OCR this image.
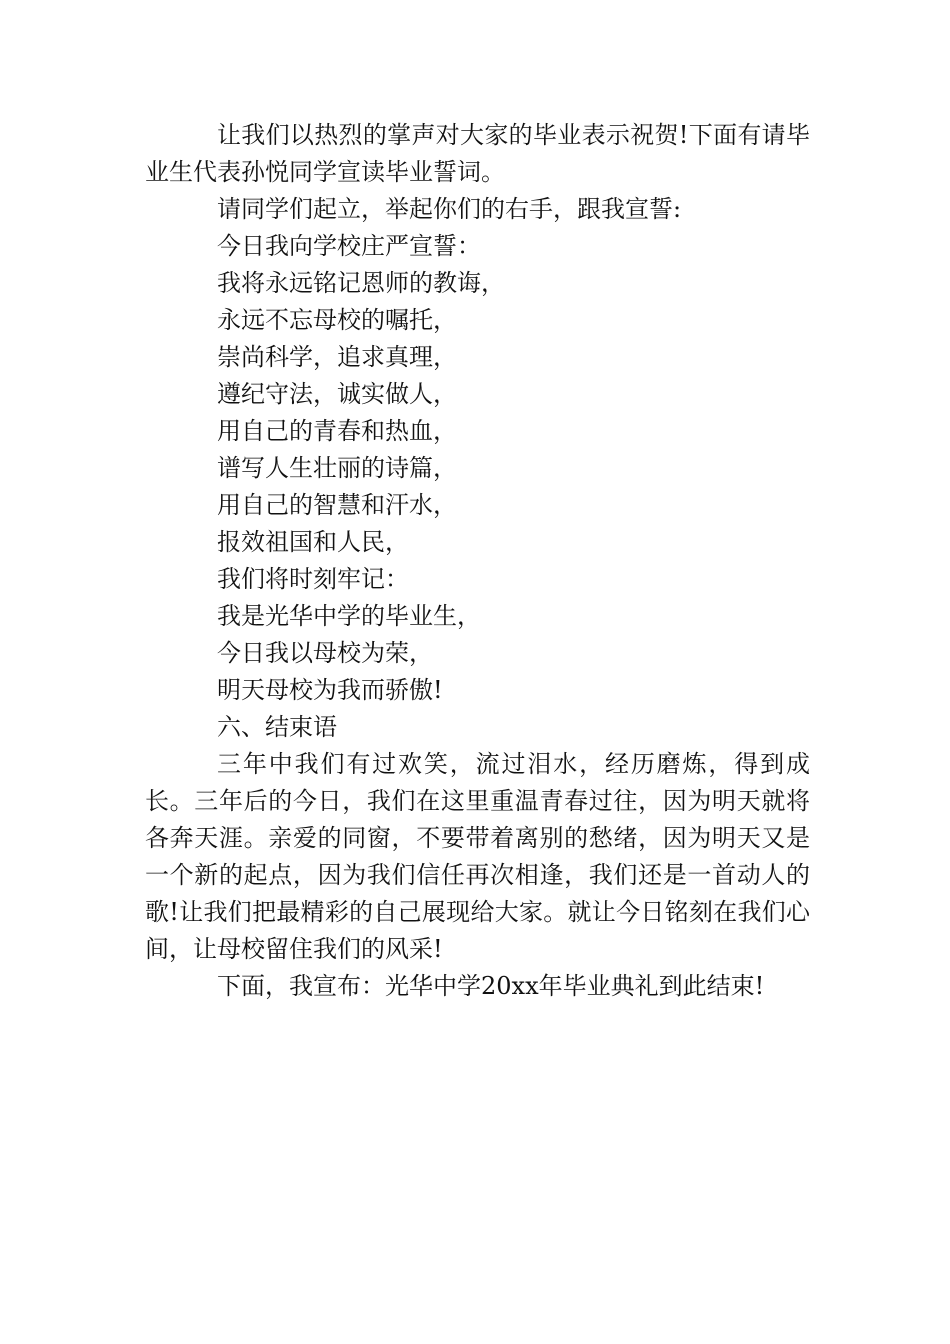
让我们以热烈的掌声对大家的毕业表示祝贺!下面有请毕业生代表孙悦同学宣读毕业誓词。

请同学们起立，举起你们的右手，跟我宣誓:

今日我向学校庄严宣誓：

我将永远铭记恩师的教诲，

永远不忘母校的嘱托，

崇尚科学，追求真理，

遵纪守法，诚实做人，

用自己的青春和热血，

谱写人生壮丽的诗篇，

用自己的智慧和汗水，

报效祖国和人民，

我们将时刻牢记：

我是光华中学的毕业生，

今日我以母校为荣，

明天母校为我而骄傲!

六、结束语

三年中我们有过欢笑，流过泪水，经历磨炼，得到成长。三年后的今日，我们在这里重温青春过往，因为明天就将各奔天涯。亲爱的同窗，不要带着离别的愁绪，因为明天又是一个新的起点，因为我们信任再次相逢，我们还是一首动人的歌!让我们把最精彩的自己展现给大家。就让今日铭刻在我们心间，让母校留住我们的风采!

下面，我宣布：光华中学20xx年毕业典礼到此结束!
